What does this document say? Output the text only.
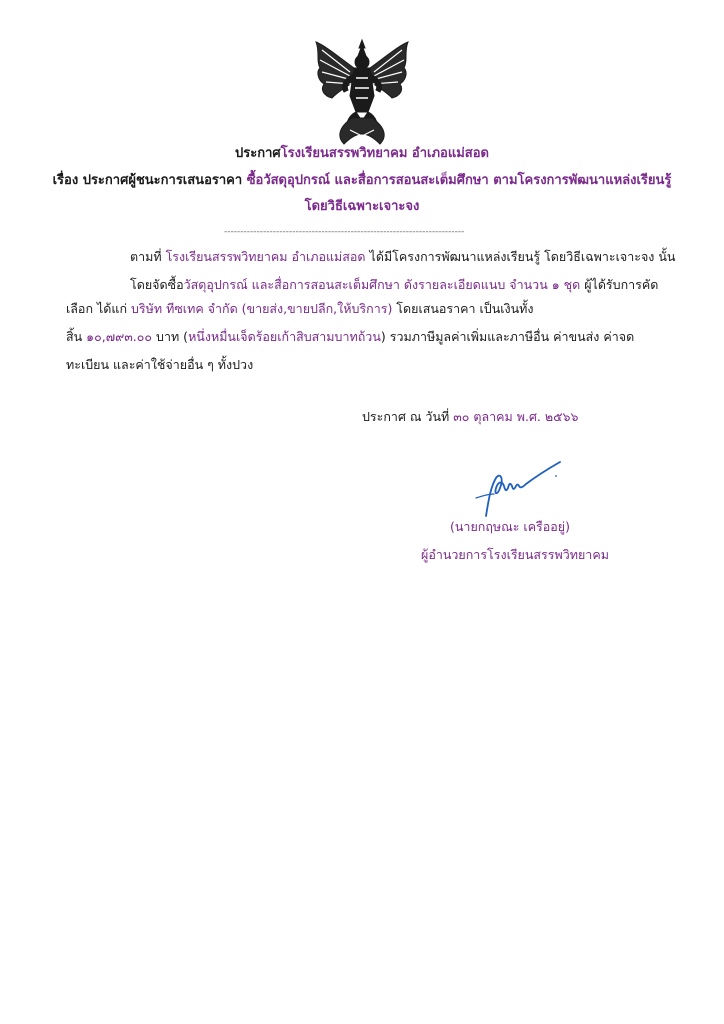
ประกาศโรงเรียนสรรพวิทยาคม อำเภอแม่สอด
เรื่อง ประกาศผู้ชนะการเสนอราคา ซื้อวัสดุอุปกรณ์ และสื่อการสอนสะเต็มศึกษา ตามโครงการพัฒนาแหล่งเรียนรู้
โดยวิธีเฉพาะเจาะจง
--------------------------------------------------------------------------
ตามที่ โรงเรียนสรรพวิทยาคม อำเภอแม่สอด ได้มีโครงการพัฒนาแหล่งเรียนรู้ โดยวิธีเฉพาะเจาะจง นั้น
โดยจัดซื้อวัสดุอุปกรณ์ และสื่อการสอนสะเต็มศึกษา ดังรายละเอียดแนบ จำนวน ๑ ชุด ผู้ได้รับการคัด
เลือก ได้แก่ บริษัท ทีซเทค จำกัด (ขายส่ง,ขายปลีก,ให้บริการ) โดยเสนอราคา เป็นเงินทั้ง
สิ้น ๑๐,๗๙๓.๐๐ บาท (หนึ่งหมื่นเจ็ดร้อยเก้าสิบสามบาทถ้วน) รวมภาษีมูลค่าเพิ่มและภาษีอื่น ค่าขนส่ง ค่าจด
ทะเบียน และค่าใช้จ่ายอื่น ๆ ทั้งปวง
ประกาศ ณ วันที่ ๓๐ ตุลาคม พ.ศ. ๒๕๖๖
(นายกฤษณะ เครืออยู่)
ผู้อำนวยการโรงเรียนสรรพวิทยาคม
